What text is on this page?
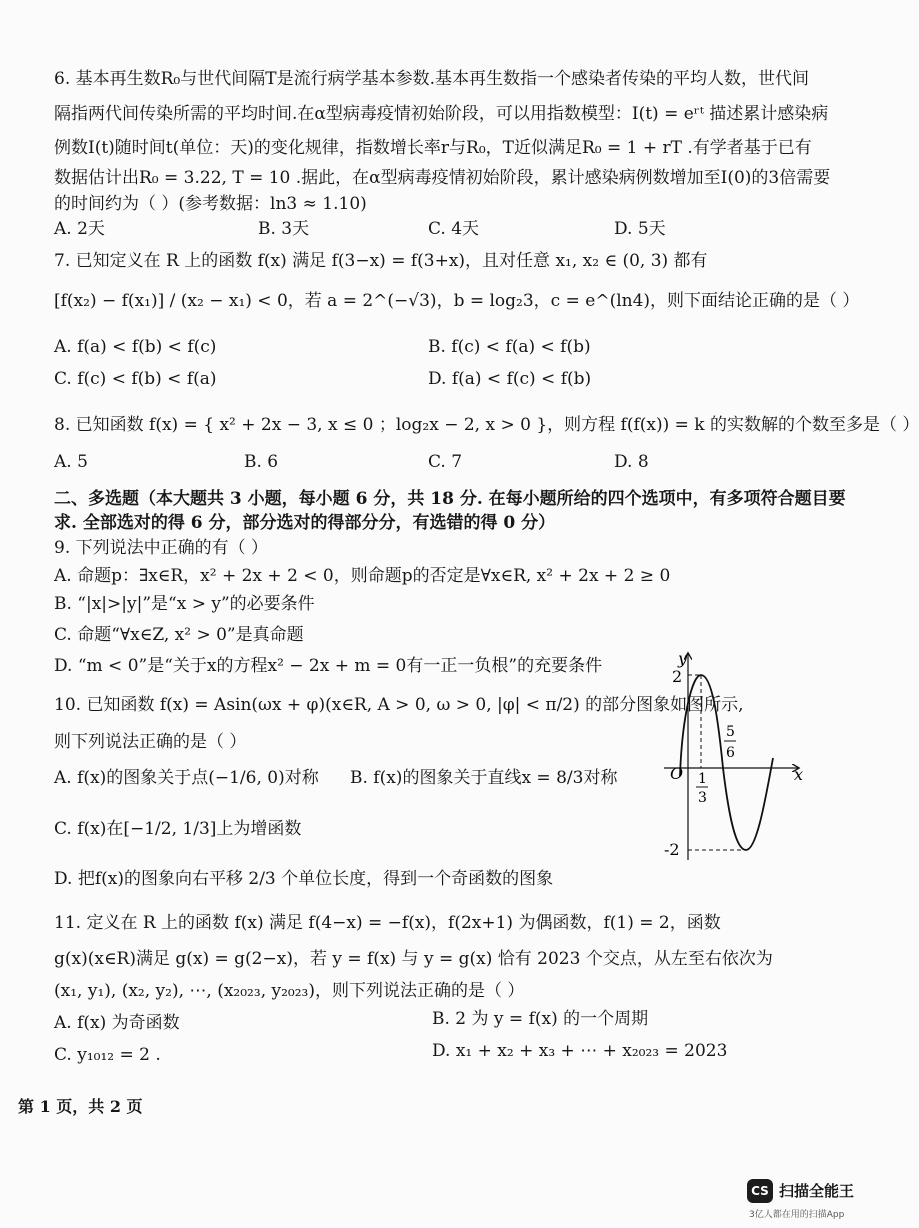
6. 基本再生数R₀与世代间隔T是流行病学基本参数.基本再生数指一个感染者传染的平均人数，世代间
隔指两代间传染所需的平均时间.在α型病毒疫情初始阶段，可以用指数模型：I(t) = eʳᵗ 描述累计感染病
例数I(t)随时间t(单位：天)的变化规律，指数增长率r与R₀，T近似满足R₀ = 1 + rT .有学者基于已有
数据估计出R₀ = 3.22, T = 10 .据此，在α型病毒疫情初始阶段，累计感染病例数增加至I(0)的3倍需要
的时间约为（ ）(参考数据：ln3 ≈ 1.10)
A. 2天	B. 3天	C. 4天	D. 5天
7. 已知定义在 R 上的函数 f(x) 满足 f(3−x) = f(3+x)，且对任意 x₁, x₂ ∈ (0, 3) 都有
[f(x₂) − f(x₁)] / (x₂ − x₁) < 0，若 a = 2^(−√3)，b = log₂3，c = e^(ln4)，则下面结论正确的是（ ）
A. f(a) < f(b) < f(c)	B. f(c) < f(a) < f(b)
C. f(c) < f(b) < f(a)	D. f(a) < f(c) < f(b)
8. 已知函数 f(x) = { x² + 2x − 3, x ≤ 0 ；log₂x − 2, x > 0 }，则方程 f(f(x)) = k 的实数解的个数至多是（ ）
A. 5	B. 6	C. 7	D. 8
二、多选题（本大题共 3 小题，每小题 6 分，共 18 分. 在每小题所给的四个选项中，有多项符合题目要
求. 全部选对的得 6 分，部分选对的得部分分，有选错的得 0 分）
9. 下列说法中正确的有（ ）
A. 命题p：∃x∈R，x² + 2x + 2 < 0，则命题p的否定是∀x∈R, x² + 2x + 2 ≥ 0
B. “|x|>|y|”是“x > y”的必要条件
C. 命题“∀x∈Z, x² > 0”是真命题
D. “m < 0”是“关于x的方程x² − 2x + m = 0有一正一负根”的充要条件
10. 已知函数 f(x) = Asin(ωx + φ)(x∈R, A > 0, ω > 0, |φ| < π/2) 的部分图象如图所示,
则下列说法正确的是（ ）
A. f(x)的图象关于点(−1/6, 0)对称 B. f(x)的图象关于直线x = 8/3对称
C. f(x)在[−1/2, 1/3]上为增函数
D. 把f(x)的图象向右平移 2/3 个单位长度，得到一个奇函数的图象
y
x
O
2
-2
1
3
5
6
11. 定义在 R 上的函数 f(x) 满足 f(4−x) = −f(x)，f(2x+1) 为偶函数，f(1) = 2，函数
g(x)(x∈R)满足 g(x) = g(2−x)，若 y = f(x) 与 y = g(x) 恰有 2023 个交点，从左至右依次为
(x₁, y₁), (x₂, y₂), ⋯, (x₂₀₂₃, y₂₀₂₃)，则下列说法正确的是（ ）
A. f(x) 为奇函数	B. 2 为 y = f(x) 的一个周期
C. y₁₀₁₂ = 2 .	D. x₁ + x₂ + x₃ + ⋯ + x₂₀₂₃ = 2023
第 1 页，共 2 页
CS 扫描全能王
3亿人都在用的扫描App
